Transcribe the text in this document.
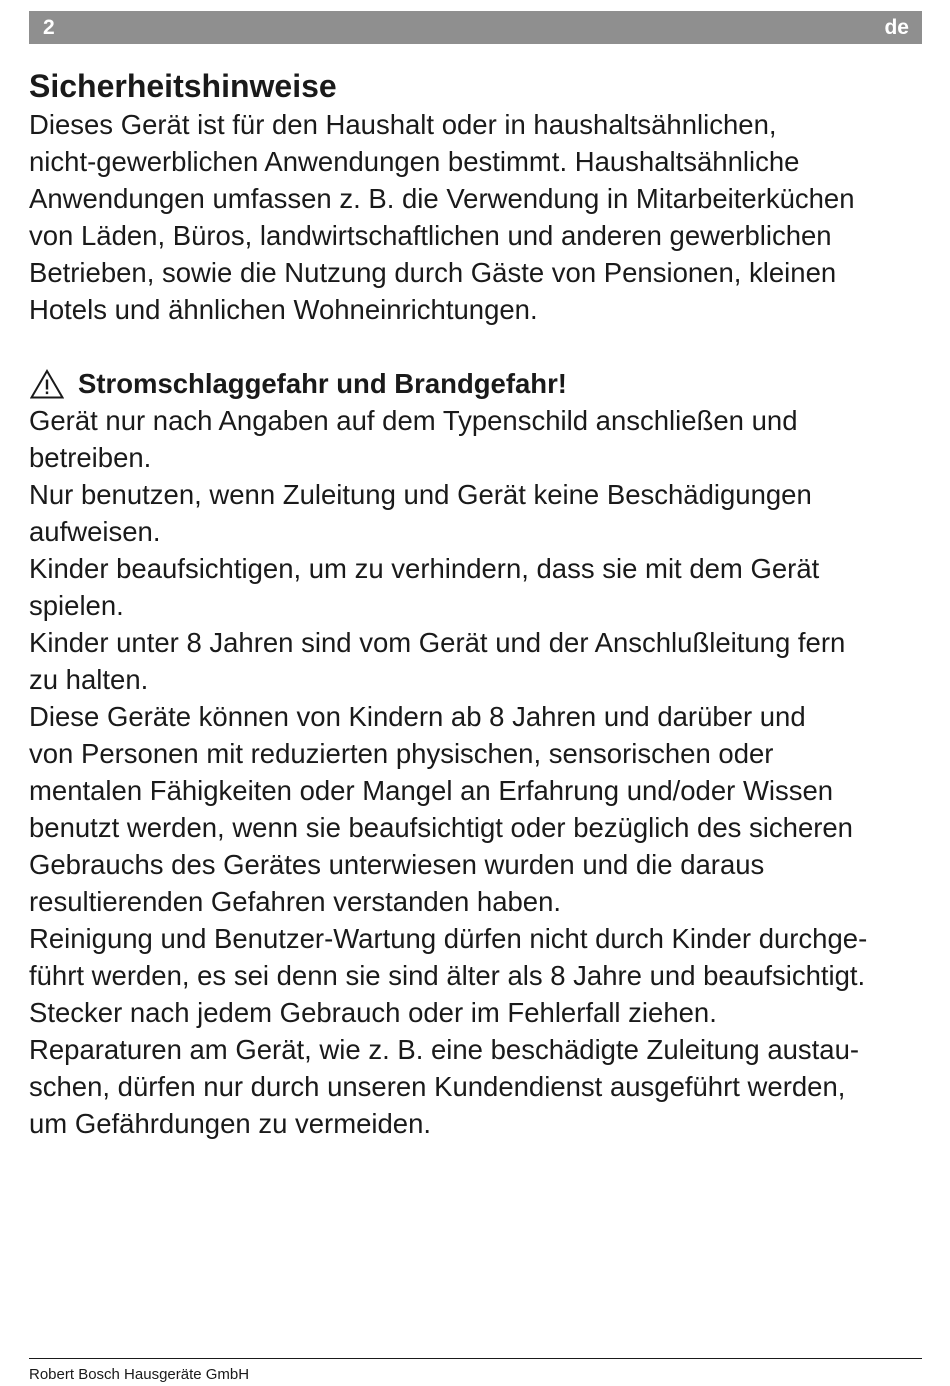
2	de
Sicherheitshinweise

Dieses Gerät ist für den Haushalt oder in haushaltsähnlichen,
nicht-gewerblichen Anwendungen bestimmt. Haushaltsähnliche
Anwendungen umfassen z. B. die Verwendung in Mitarbeiterküchen
von Läden, Büros, landwirtschaftlichen und anderen gewerblichen
Betrieben, sowie die Nutzung durch Gäste von Pensionen, kleinen
Hotels und ähnlichen Wohneinrichtungen.

Stromschlaggefahr und Brandgefahr!

Gerät nur nach Angaben auf dem Typenschild anschließen und
betreiben.
Nur benutzen, wenn Zuleitung und Gerät keine Beschädigungen
aufweisen.
Kinder beaufsichtigen, um zu verhindern, dass sie mit dem Gerät
spielen.
Kinder unter 8 Jahren sind vom Gerät und der Anschlußleitung fern
zu halten.
Diese Geräte können von Kindern ab 8 Jahren und darüber und
von Personen mit reduzierten physischen, sensorischen oder
mentalen Fähigkeiten oder Mangel an Erfahrung und/oder Wissen
benutzt werden, wenn sie beaufsichtigt oder bezüglich des sicheren
Gebrauchs des Gerätes unterwiesen wurden und die daraus
resultierenden Gefahren verstanden haben.
Reinigung und Benutzer-Wartung dürfen nicht durch Kinder durchge-
führt werden, es sei denn sie sind älter als 8 Jahre und beaufsichtigt.
Stecker nach jedem Gebrauch oder im Fehlerfall ziehen.
Reparaturen am Gerät, wie z. B. eine beschädigte Zuleitung austau-
schen, dürfen nur durch unseren Kundendienst ausgeführt werden,
um Gefährdungen zu vermeiden.

Robert Bosch Hausgeräte GmbH
